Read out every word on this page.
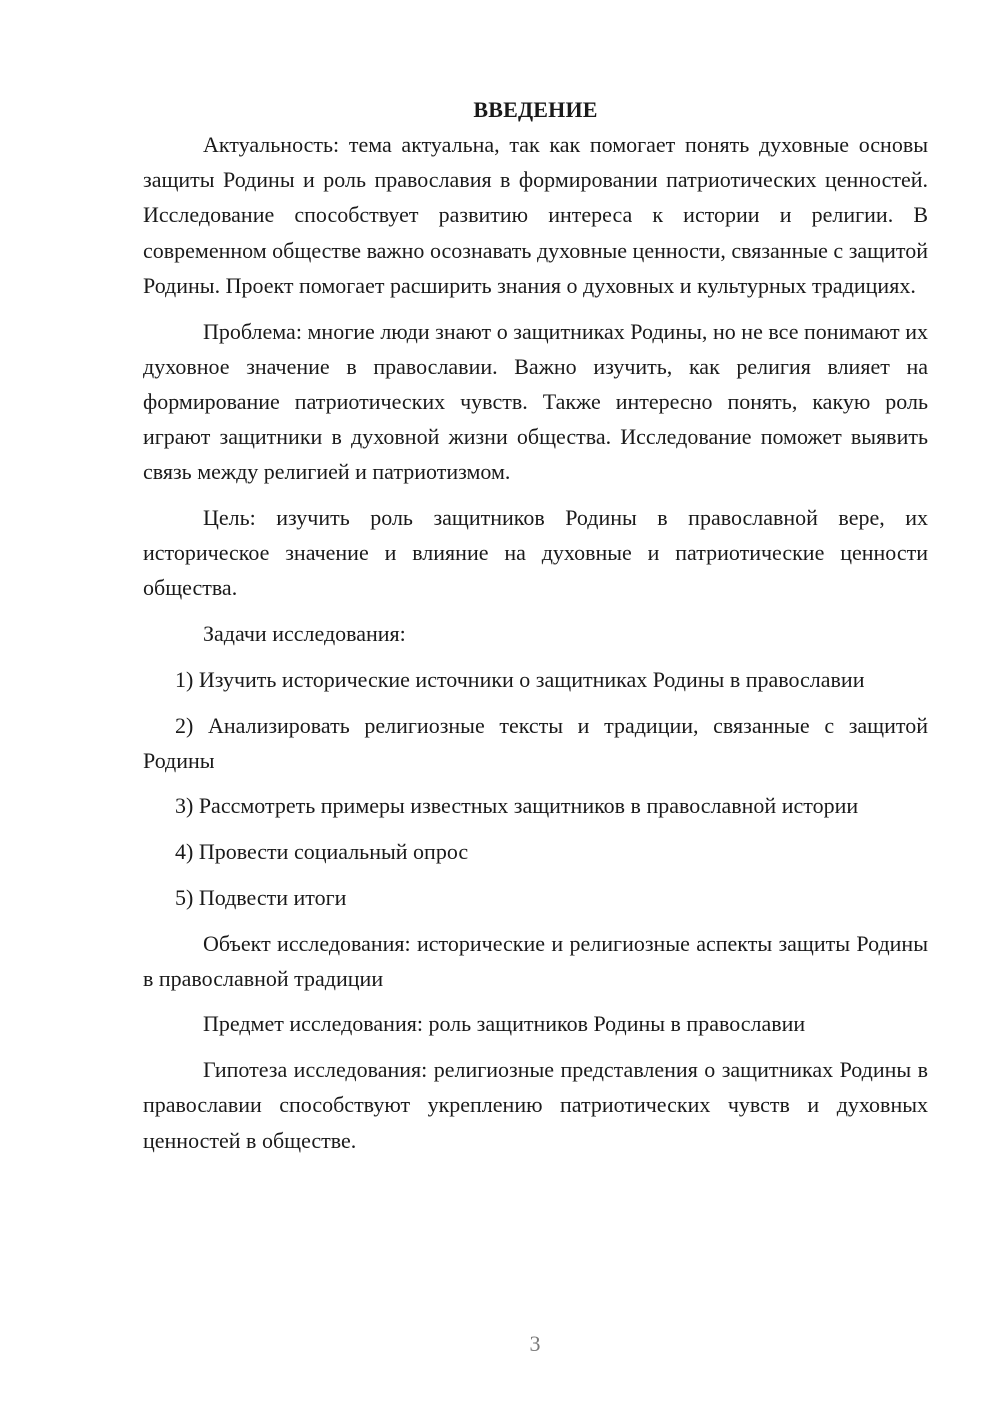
ВВЕДЕНИЕ

Актуальность: тема актуальна, так как помогает понять духовные основы защиты Родины и роль православия в формировании патриотических ценностей. Исследование способствует развитию интереса к истории и религии. В современном обществе важно осознавать духовные ценности, связанные с защитой Родины. Проект помогает расширить знания о духовных и культурных традициях.

Проблема: многие люди знают о защитниках Родины, но не все понимают их духовное значение в православии. Важно изучить, как религия влияет на формирование патриотических чувств. Также интересно понять, какую роль играют защитники в духовной жизни общества. Исследование поможет выявить связь между религией и патриотизмом.

Цель: изучить роль защитников Родины в православной вере, их историческое значение и влияние на духовные и патриотические ценности общества.

Задачи исследования:

1) Изучить исторические источники о защитниках Родины в православии

2) Анализировать религиозные тексты и традиции, связанные с защитой Родины

3) Рассмотреть примеры известных защитников в православной истории

4) Провести социальный опрос

5) Подвести итоги

Объект исследования: исторические и религиозные аспекты защиты Родины в православной традиции

Предмет исследования: роль защитников Родины в православии

Гипотеза исследования: религиозные представления о защитниках Родины в православии способствуют укреплению патриотических чувств и духовных ценностей в обществе.

3
